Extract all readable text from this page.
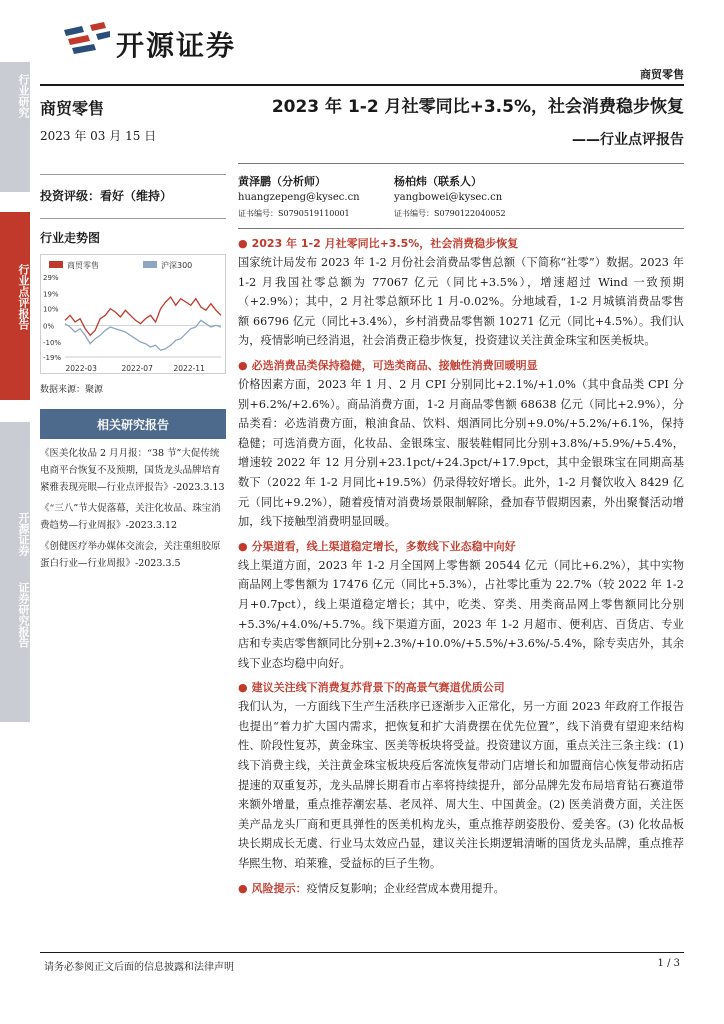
开源证券
商贸零售
行业研究
行业点评报告
开源证券
证券研究报告
商贸零售
2023 年 03 月 15 日
投资评级：看好（维持）
行业走势图
商贸零售	沪深300
29%
19%
10%
0%
-10%
-19%
2022-03	2022-07	2022-11
数据来源：聚源
相关研究报告
《医美化妆品 2 月月报：“38 节”大促传统电商平台恢复不及预期，国货龙头品牌培育紧雅表现亮眼—行业点评报告》-2023.3.13
《“三八”节大促落幕，关注化妆品、珠宝消费趋势—行业周报》-2023.3.12
《创健医疗举办媒体交流会，关注重组胶原蛋白行业—行业周报》-2023.3.5
2023 年 1-2 月社零同比+3.5%，社会消费稳步恢复
——行业点评报告
黄泽鹏（分析师）
huangzepeng@kysec.cn
证书编号：S0790519110001
杨柏炜（联系人）
yangbowei@kysec.cn
证书编号：S0790122040052
● 2023 年 1-2 月社零同比+3.5%，社会消费稳步恢复
国家统计局发布 2023 年 1-2 月份社会消费品零售总额（下简称“社零”）数据。2023 年 1-2 月我国社零总额为 77067 亿元（同比+3.5%），增速超过 Wind 一致预期（+2.9%）；其中，2 月社零总额环比 1 月-0.02%。分地域看，1-2 月城镇消费品零售额 66796 亿元（同比+3.4%），乡村消费品零售额 10271 亿元（同比+4.5%）。我们认为，疫情影响已经消退，社会消费正稳步恢复，投资建议关注黄金珠宝和医美板块。
● 必选消费品类保持稳健，可选类商品、接触性消费回暖明显
价格因素方面，2023 年 1 月、2 月 CPI 分别同比+2.1%/+1.0%（其中食品类 CPI 分别+6.2%/+2.6%）。商品消费方面，1-2 月商品零售额 68638 亿元（同比+2.9%），分品类看：必选消费方面，粮油食品、饮料、烟酒同比分别+9.0%/+5.2%/+6.1%，保持稳健；可选消费方面，化妆品、金银珠宝、服装鞋帽同比分别+3.8%/+5.9%/+5.4%，增速较 2022 年 12 月分别+23.1pct/+24.3pct/+17.9pct，其中金银珠宝在同期高基数下（2022 年 1-2 月同比+19.5%）仍录得较好增长。此外，1-2 月餐饮收入 8429 亿元（同比+9.2%），随着疫情对消费场景限制解除，叠加春节假期因素，外出聚餐活动增加，线下接触型消费明显回暖。
● 分渠道看，线上渠道稳定增长，多数线下业态稳中向好
线上渠道方面，2023 年 1-2 月全国网上零售额 20544 亿元（同比+6.2%），其中实物商品网上零售额为 17476 亿元（同比+5.3%），占社零比重为 22.7%（较 2022 年 1-2 月+0.7pct），线上渠道稳定增长；其中，吃类、穿类、用类商品网上零售额同比分别+5.3%/+4.0%/+5.7%。线下渠道方面，2023 年 1-2 月超市、便利店、百货店、专业店和专卖店零售额同比分别+2.3%/+10.0%/+5.5%/+3.6%/-5.4%，除专卖店外，其余线下业态均稳中向好。
● 建议关注线下消费复苏背景下的高景气赛道优质公司
我们认为，一方面线下生产生活秩序已逐渐步入正常化，另一方面 2023 年政府工作报告也提出“着力扩大国内需求，把恢复和扩大消费摆在优先位置”，线下消费有望迎来结构性、阶段性复苏，黄金珠宝、医美等板块将受益。投资建议方面，重点关注三条主线：(1) 线下消费主线，关注黄金珠宝板块疫后客流恢复带动门店增长和加盟商信心恢复带动拓店提速的双重复苏，龙头品牌长期看市占率将持续提升，部分品牌先发布局培育钻石赛道带来额外增量，重点推荐潮宏基、老凤祥、周大生、中国黄金。(2) 医美消费方面，关注医美产品龙头厂商和更具弹性的医美机构龙头，重点推荐朗姿股份、爱美客。(3) 化妆品板块长期成长无虞、行业马太效应凸显，建议关注长期逻辑清晰的国货龙头品牌，重点推荐华熙生物、珀莱雅，受益标的巨子生物。
● 风险提示：疫情反复影响；企业经营成本费用提升。
请务必参阅正文后面的信息披露和法律声明	1 / 3
